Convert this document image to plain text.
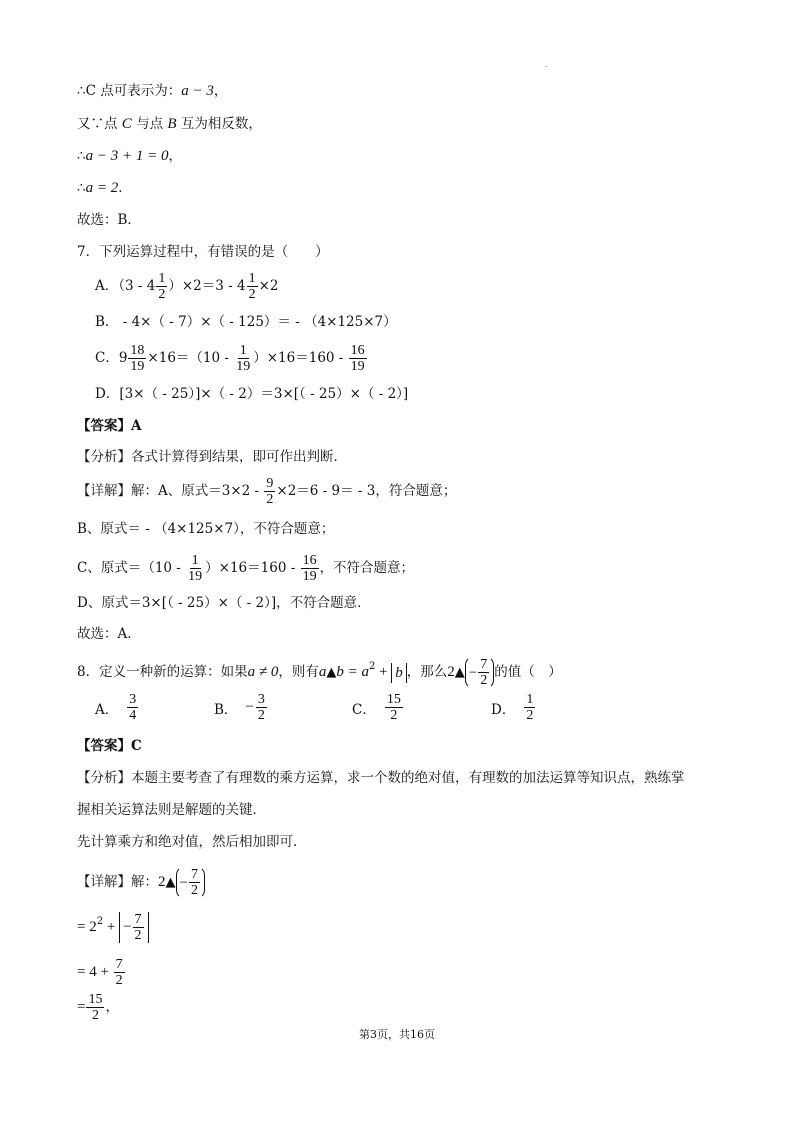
∴C 点可表示为：a − 3，
又∵点 C 与点 B 互为相反数，
∴a − 3 + 1 = 0，
∴a = 2．
故选：B．
7．下列运算过程中，有错误的是（　　）
A．$(3 - 4 \frac{1}{2} )\times 2=3 - 4 \frac{1}{2} \times 2$
B． - 4×（ - 7）×（ - 125）＝ - （4×125×7）
C．$9 \frac{18}{19} \times 16=(10 - \frac{1}{19} )\times 16=160 - \frac{16}{19}$
D．[3×（ - 25）]×（ - 2）＝3×[（ - 25）×（ - 2）]
【答案】A
【分析】各式计算得到结果，即可作出判断．
【详解】解：A、原式$=3\times 2 - \frac{9}{2} \times 2=6 - 9= - 3$，符合题意；
B、原式＝ - （4×125×7），不符合题意；
C、原式$=(10 - \frac{1}{19} )\times 16=160 - \frac{16}{19}$ ，不符合题意；
D、原式＝3×[（ - 25）×（ - 2）]，不符合题意．
故选：A．
8．定义一种新的运算：如果a ≠ 0，则有a▲b = $a^2 + b$ ，那么2▲ − $\frac{7}{2}$ 的值（　）
A．
3
4	B． − $\frac{3}{2}$	C．
15
2	D．
1
2
【答案】C
【分析】本题主要考查了有理数的乘方运算，求一个数的绝对值，有理数的加法运算等知识点，熟练掌
握相关运算法则是解题的关键．
先计算乘方和绝对值，然后相加即可．
【详解】解：2▲ − $\frac{7}{2}$
= $2^2$ + − $\frac{7}{2}$
= $4 + \frac{7}{2}$
= $\frac{15}{2}$ ，
第3页，共16页
